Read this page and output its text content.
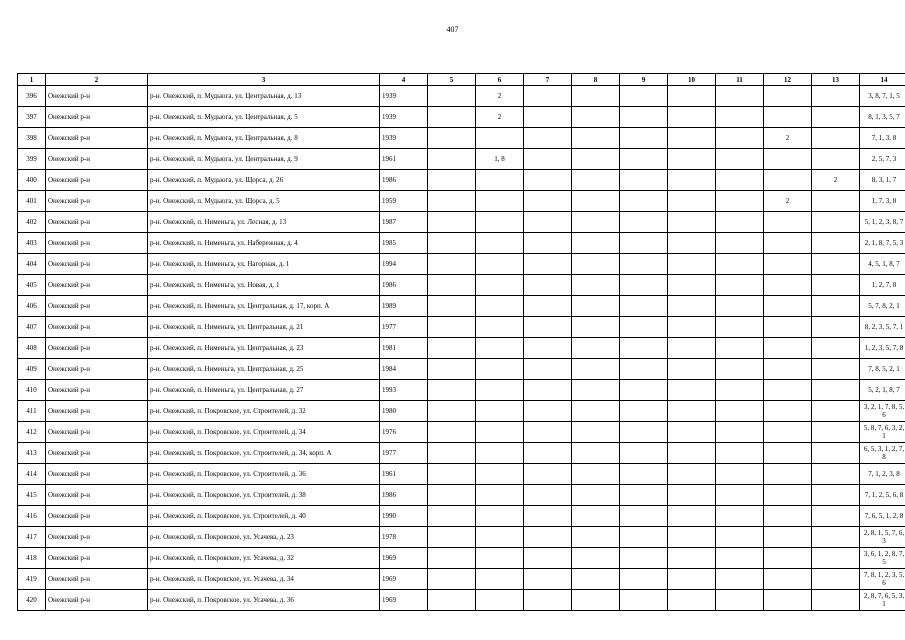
407
1	2	3	4	5	6	7	8	9	10	11	12	13	14
396	Онежский р-н	р-н. Онежский, п. Мудьюга, ул. Центральная, д. 13	1939		2								3, 8, 7, 1, 5
397	Онежский р-н	р-н. Онежский, п. Мудьюга, ул. Центральная, д. 5	1939		2								8, 1, 3, 5, 7
398	Онежский р-н	р-н. Онежский, п. Мудьюга, ул. Центральная, д. 8	1939								2		7, 1, 3, 8
399	Онежский р-н	р-н. Онежский, п. Мудьюга, ул. Центральная, д. 9	1961		1, 8								2, 5, 7, 3
400	Онежский р-н	р-н. Онежский, п. Мудьюга, ул. Щорса, д. 26	1986									2	8, 3, 1, 7
401	Онежский р-н	р-н. Онежский, п. Мудьюга, ул. Щорса, д. 5	1959								2		1, 7, 3, 8
402	Онежский р-н	р-н. Онежский, п. Нименьга, ул. Лесная, д. 13	1987										5, 1, 2, 3, 8, 7
403	Онежский р-н	р-н. Онежский, п. Нименьга, ул. Набережная, д. 4	1985										2, 1, 8, 7, 5, 3
404	Онежский р-н	р-н. Онежский, п. Нименьга, ул. Нагорная, д. 1	1994										4, 5, 1, 8, 7
405	Онежский р-н	р-н. Онежский, п. Нименьга, ул. Новая, д. 1	1986										1, 2, 7, 8
406	Онежский р-н	р-н. Онежский, п. Нименьга, ул. Центральная, д. 17, корп. А	1989										5, 7, 8, 2, 1
407	Онежский р-н	р-н. Онежский, п. Нименьга, ул. Центральная, д. 21	1977										8, 2, 3, 5, 7, 1
408	Онежский р-н	р-н. Онежский, п. Нименьга, ул. Центральная, д. 23	1981										1, 2, 3, 5, 7, 8
409	Онежский р-н	р-н. Онежский, п. Нименьга, ул. Центральная, д. 25	1984										7, 8, 5, 2, 1
410	Онежский р-н	р-н. Онежский, п. Нименьга, ул. Центральная, д. 27	1993										5, 2, 1, 8, 7
411	Онежский р-н	р-н. Онежский, п. Покровское, ул. Строителей, д. 32	1980										3, 2, 1, 7, 8, 5, 6
412	Онежский р-н	р-н. Онежский, п. Покровское, ул. Строителей, д. 34	1976										5, 8, 7, 6, 3, 2, 1
413	Онежский р-н	р-н. Онежский, п. Покровское, ул. Строителей, д. 34, корп. А	1977										6, 5, 3, 1, 2, 7, 8
414	Онежский р-н	р-н. Онежский, п. Покровское, ул. Строителей, д. 36	1961										7, 1, 2, 3, 8
415	Онежский р-н	р-н. Онежский, п. Покровское, ул. Строителей, д. 38	1986										7, 1, 2, 5, 6, 8
416	Онежский р-н	р-н. Онежский, п. Покровское, ул. Строителей, д. 40	1990										7, 6, 5, 1, 2, 8
417	Онежский р-н	р-н. Онежский, п. Покровское, ул. Усачева, д. 23	1978										2, 8, 1, 5, 7, 6, 3
418	Онежский р-н	р-н. Онежский, п. Покровское, ул. Усачева, д. 32	1969										3, 6, 1, 2, 8, 7, 5
419	Онежский р-н	р-н. Онежский, п. Покровское, ул. Усачева, д. 34	1969										7, 8, 1, 2, 3, 5, 6
420	Онежский р-н	р-н. Онежский, п. Покровское, ул. Усачева, д. 36	1969										2, 8, 7, 6, 5, 3, 1
